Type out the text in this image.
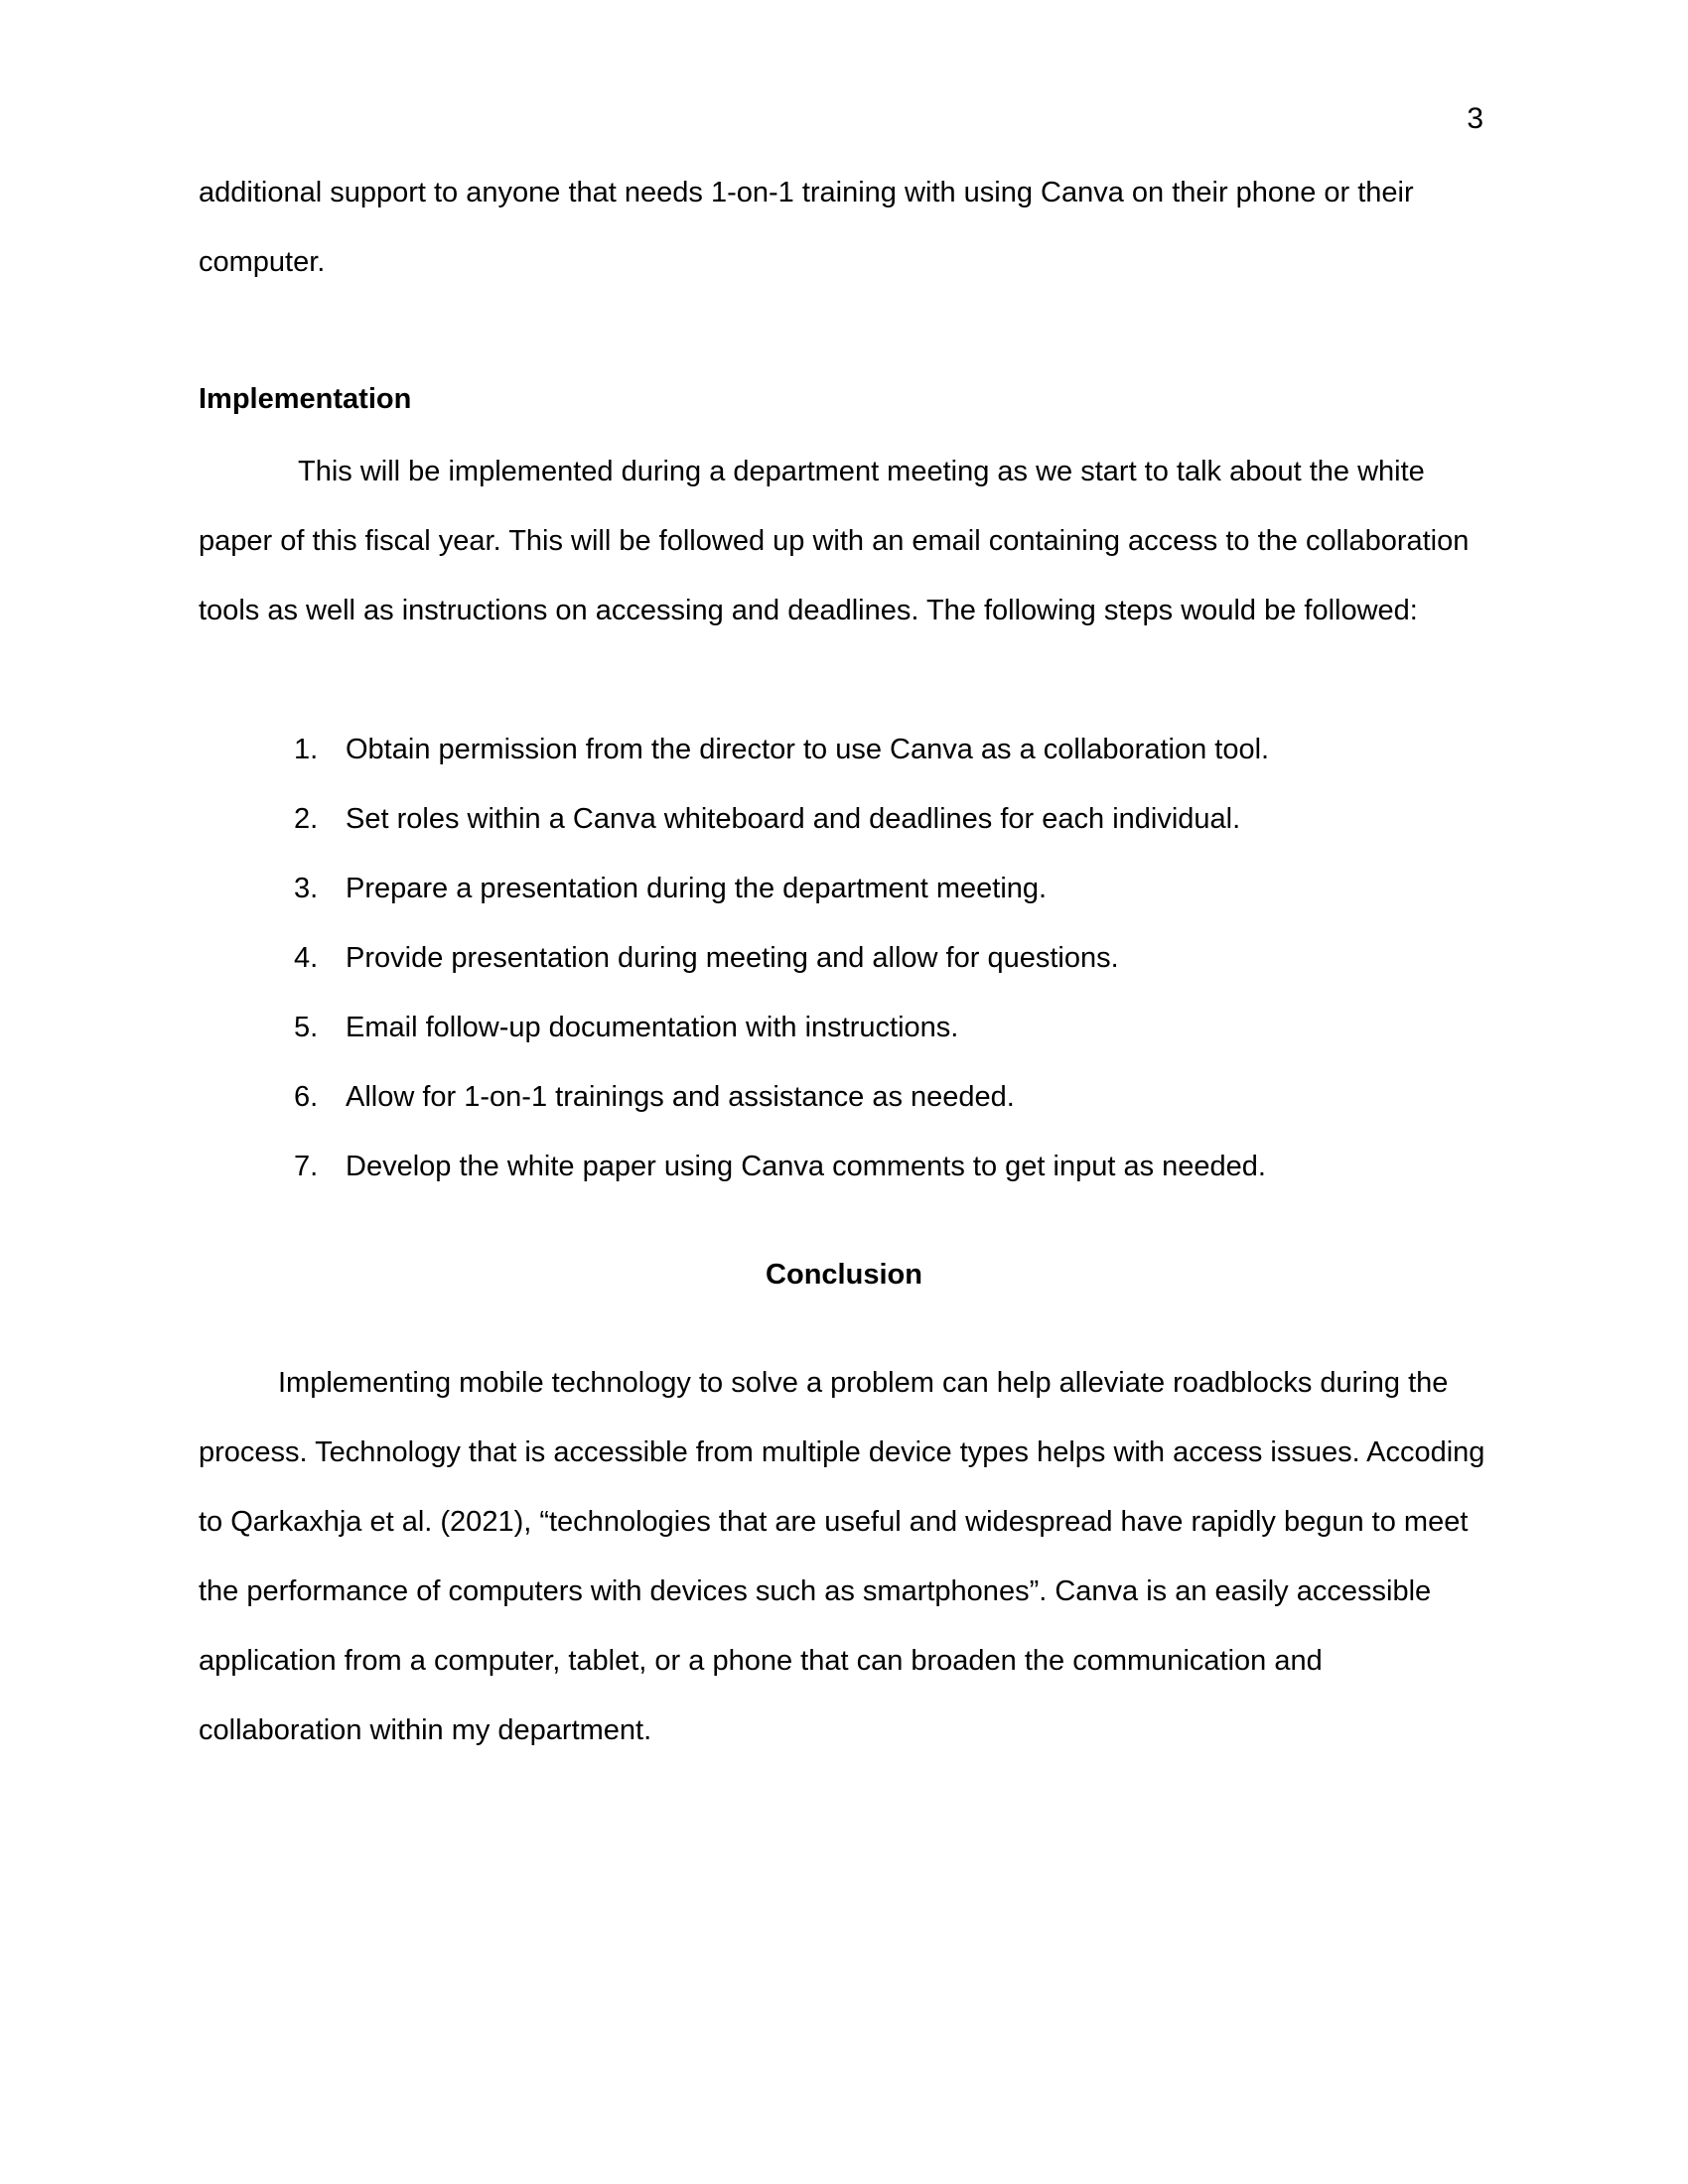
3

additional support to anyone that needs 1-on-1 training with using Canva on their phone or their computer.

Implementation

This will be implemented during a department meeting as we start to talk about the white paper of this fiscal year. This will be followed up with an email containing access to the collaboration tools as well as instructions on accessing and deadlines. The following steps would be followed:

1. Obtain permission from the director to use Canva as a collaboration tool.
2. Set roles within a Canva whiteboard and deadlines for each individual.
3. Prepare a presentation during the department meeting.
4. Provide presentation during meeting and allow for questions.
5. Email follow-up documentation with instructions.
6. Allow for 1-on-1 trainings and assistance as needed.
7. Develop the white paper using Canva comments to get input as needed.
Conclusion

Implementing mobile technology to solve a problem can help alleviate roadblocks during the process. Technology that is accessible from multiple device types helps with access issues. Accoding to Qarkaxhja et al. (2021), “technologies that are useful and widespread have rapidly begun to meet the performance of computers with devices such as smartphones”. Canva is an easily accessible application from a computer, tablet, or a phone that can broaden the communication and collaboration within my department.
